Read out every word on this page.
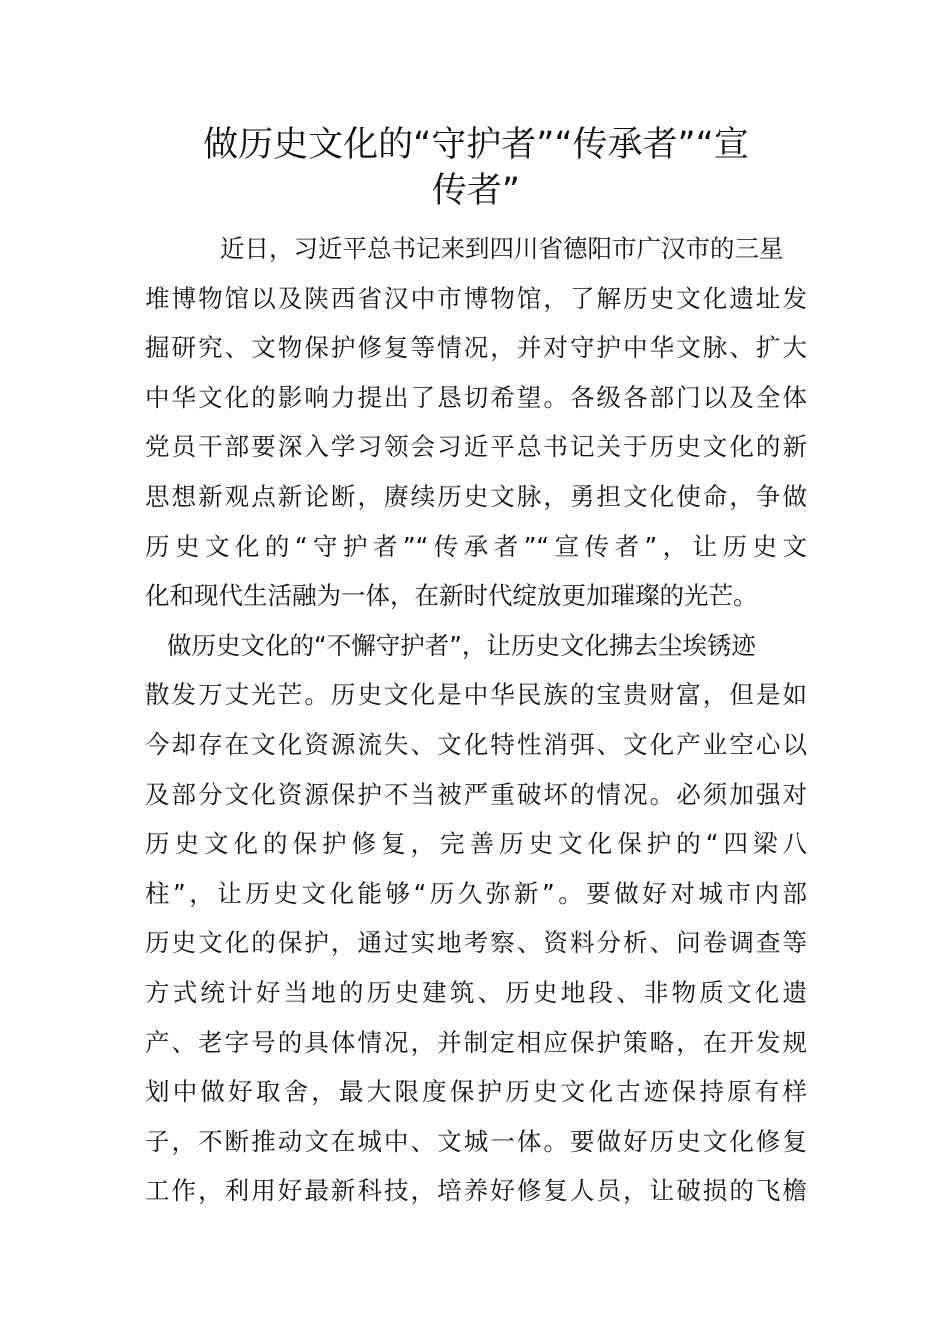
做历史文化的“守护者”“传承者”“宣
传者”
近日，习近平总书记来到四川省德阳市广汉市的三星
堆博物馆以及陕西省汉中市博物馆，了解历史文化遗址发
掘研究、文物保护修复等情况，并对守护中华文脉、扩大
中华文化的影响力提出了恳切希望。各级各部门以及全体
党员干部要深入学习领会习近平总书记关于历史文化的新
思想新观点新论断，赓续历史文脉，勇担文化使命，争做
历史文化的“守护者”“传承者”“宣传者”，让历史文
化和现代生活融为一体，在新时代绽放更加璀璨的光芒。
做历史文化的“不懈守护者”，让历史文化拂去尘埃锈迹
散发万丈光芒。历史文化是中华民族的宝贵财富，但是如
今却存在文化资源流失、文化特性消弭、文化产业空心以
及部分文化资源保护不当被严重破坏的情况。必须加强对
历史文化的保护修复，完善历史文化保护的“四梁八
柱”，让历史文化能够“历久弥新”。要做好对城市内部
历史文化的保护，通过实地考察、资料分析、问卷调查等
方式统计好当地的历史建筑、历史地段、非物质文化遗
产、老字号的具体情况，并制定相应保护策略，在开发规
划中做好取舍，最大限度保护历史文化古迹保持原有样
子，不断推动文在城中、文城一体。要做好历史文化修复
工作，利用好最新科技，培养好修复人员，让破损的飞檐
